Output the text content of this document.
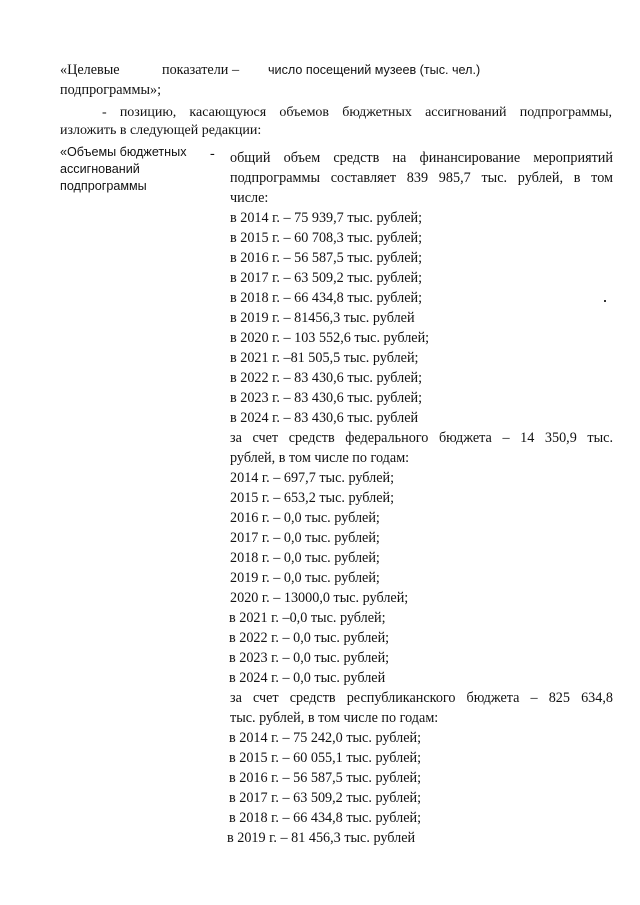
«Целевые	показатели – число посещений музеев (тыс. чел.)
подпрограммы»;
- позицию, касающуюся объемов бюджетных ассигнований подпрограммы, изложить в следующей редакции:
«Объемы бюджетных ассигнований подпрограммы
- общий объем средств на финансирование мероприятий
подпрограммы составляет 839 985,7 тыс. рублей, в том
числе:
в 2014 г. – 75 939,7 тыс. рублей;
в 2015 г. – 60 708,3 тыс. рублей;
в 2016 г. – 56 587,5 тыс. рублей;
в 2017 г. – 63 509,2 тыс. рублей;
в 2018 г. – 66 434,8 тыс. рублей;
в 2019 г. – 81456,3 тыс. рублей
в 2020 г. – 103 552,6 тыс. рублей;
в 2021 г. –81 505,5 тыс. рублей;
в 2022 г. – 83 430,6 тыс. рублей;
в 2023 г. – 83 430,6 тыс. рублей;
в 2024 г. – 83 430,6 тыс. рублей
за счет средств федерального бюджета – 14 350,9 тыс.
рублей, в том числе по годам:
2014 г. – 697,7 тыс. рублей;
2015 г. – 653,2 тыс. рублей;
2016 г. – 0,0 тыс. рублей;
2017 г. – 0,0 тыс. рублей;
2018 г. – 0,0 тыс. рублей;
2019 г. – 0,0 тыс. рублей;
2020 г. – 13000,0 тыс. рублей;
в 2021 г. –0,0 тыс. рублей;
в 2022 г. – 0,0 тыс. рублей;
в 2023 г. – 0,0 тыс. рублей;
в 2024 г. – 0,0 тыс. рублей
за счет средств республиканского бюджета – 825 634,8
тыс. рублей, в том числе по годам:
в 2014 г. – 75 242,0 тыс. рублей;
в 2015 г. – 60 055,1 тыс. рублей;
в 2016 г. – 56 587,5 тыс. рублей;
в 2017 г. – 63 509,2 тыс. рублей;
в 2018 г. – 66 434,8 тыс. рублей;
в 2019 г. – 81 456,3 тыс. рублей
